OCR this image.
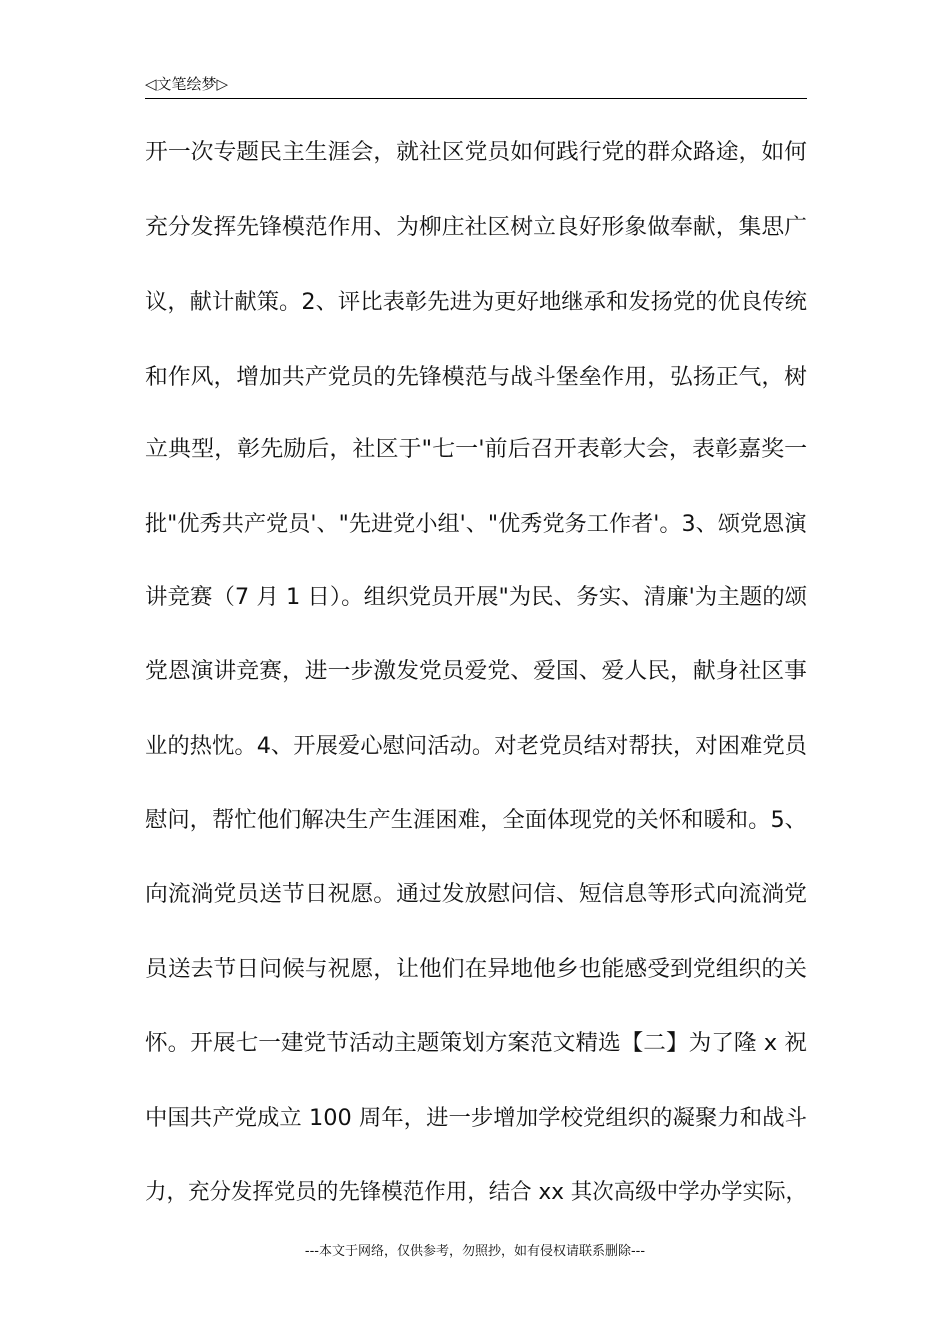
◁文笔绘梦▷
开一次专题民主生涯会，就社区党员如何践行党的群众路途，如何
充分发挥先锋模范作用、为柳庄社区树立良好形象做奉献，集思广
议，献计献策。2、评比表彰先进为更好地继承和发扬党的优良传统
和作风，增加共产党员的先锋模范与战斗堡垒作用，弘扬正气，树
立典型，彰先励后，社区于"七一'前后召开表彰大会，表彰嘉奖一
批"优秀共产党员'、"先进党小组'、"优秀党务工作者'。3、颂党恩演
讲竞赛（7 月 1 日）。组织党员开展"为民、务实、清廉'为主题的颂
党恩演讲竞赛，进一步激发党员爱党、爱国、爱人民，献身社区事
业的热忱。4、开展爱心慰问活动。对老党员结对帮扶，对困难党员
慰问，帮忙他们解决生产生涯困难，全面体现党的关怀和暖和。5、
向流淌党员送节日祝愿。通过发放慰问信、短信息等形式向流淌党
员送去节日问候与祝愿，让他们在异地他乡也能感受到党组织的关
怀。开展七一建党节活动主题策划方案范文精选【二】为了隆 x 祝
中国共产党成立 100 周年，进一步增加学校党组织的凝聚力和战斗
力，充分发挥党员的先锋模范作用，结合 xx 其次高级中学办学实际，
---本文于网络，仅供参考，勿照抄，如有侵权请联系删除---
